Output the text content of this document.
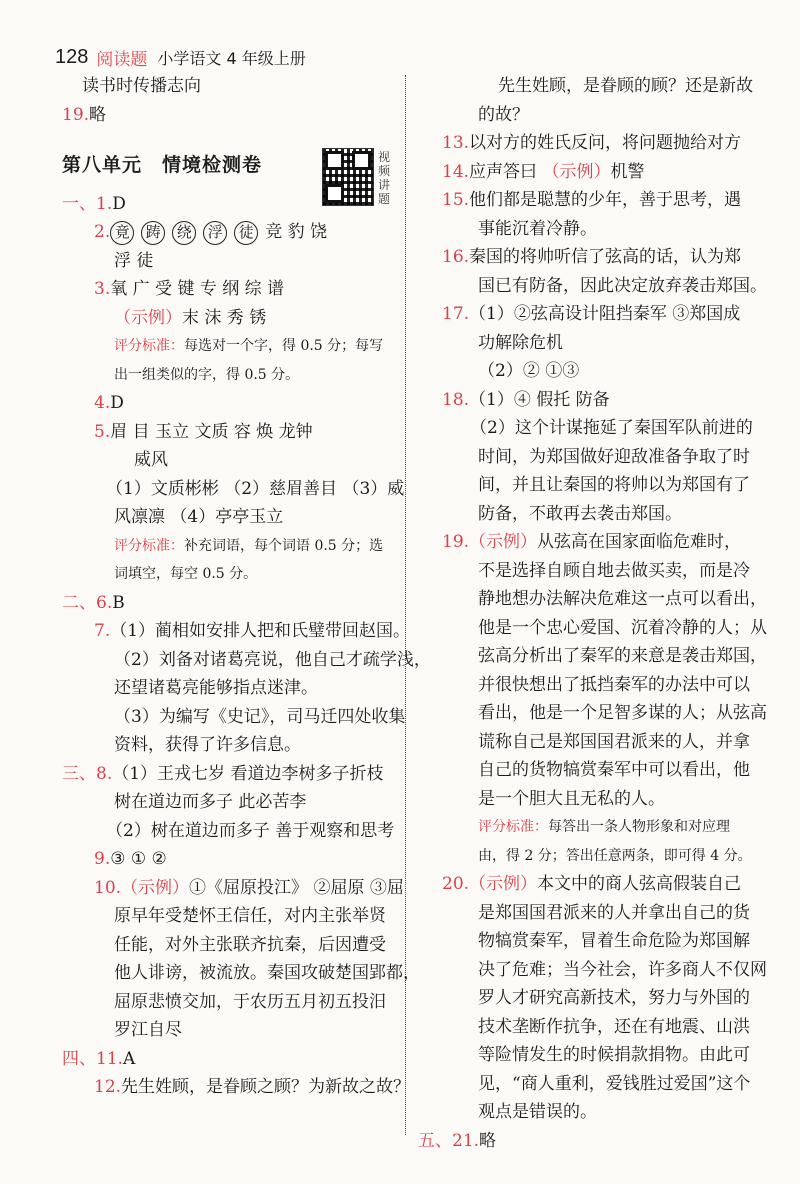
128 阅读题 小学语文 4 年级上册
视频讲题
读书时传播志向
19.略
第八单元　情境检测卷
一、1.D
2. 竟 踌 绕 浮 徒 竞 豹 饶
浮 徒
3.氧 广 受 键 专 纲 综 谱
（示例）末 沫 秀 锈
评分标准：每选对一个字，得 0.5 分；每写
出一组类似的字，得 0.5 分。
4.D
5.眉 目 玉立 文质 容 焕 龙钟
威风
（1）文质彬彬 （2）慈眉善目 （3）威
风凛凛 （4）亭亭玉立
评分标准：补充词语，每个词语 0.5 分；选
词填空，每空 0.5 分。
二、6.B
7.（1）蔺相如安排人把和氏璧带回赵国。
（2）刘备对诸葛亮说，他自己才疏学浅，
还望诸葛亮能够指点迷津。
（3）为编写《史记》，司马迁四处收集
资料，获得了许多信息。
三、8.（1）王戎七岁 看道边李树多子折枝
树在道边而多子 此必苦李
（2）树在道边而多子 善于观察和思考
9.③ ① ②
10.（示例）①《屈原投江》 ②屈原 ③屈
原早年受楚怀王信任，对内主张举贤
任能，对外主张联齐抗秦，后因遭受
他人诽谤，被流放。秦国攻破楚国郢都，
屈原悲愤交加，于农历五月初五投汨
罗江自尽
四、11.A
12.先生姓顾，是眷顾之顾？为新故之故？
先生姓顾，是眷顾的顾？还是新故
的故？
13.以对方的姓氏反问，将问题抛给对方
14.应声答曰 （示例）机警
15.他们都是聪慧的少年，善于思考，遇
事能沉着冷静。
16.秦国的将帅听信了弦高的话，认为郑
国已有防备，因此决定放弃袭击郑国。
17.（1）②弦高设计阻挡秦军 ③郑国成
功解除危机
（2）② ①③
18.（1）④ 假托 防备
（2）这个计谋拖延了秦国军队前进的
时间，为郑国做好迎敌准备争取了时
间，并且让秦国的将帅以为郑国有了
防备，不敢再去袭击郑国。
19.（示例）从弦高在国家面临危难时，
不是选择自顾自地去做买卖，而是冷
静地想办法解决危难这一点可以看出，
他是一个忠心爱国、沉着冷静的人；从
弦高分析出了秦军的来意是袭击郑国，
并很快想出了抵挡秦军的办法中可以
看出，他是一个足智多谋的人；从弦高
谎称自己是郑国国君派来的人，并拿
自己的货物犒赏秦军中可以看出，他
是一个胆大且无私的人。
评分标准：每答出一条人物形象和对应理
由，得 2 分；答出任意两条，即可得 4 分。
20.（示例）本文中的商人弦高假装自己
是郑国国君派来的人并拿出自己的货
物犒赏秦军，冒着生命危险为郑国解
决了危难；当今社会，许多商人不仅网
罗人才研究高新技术，努力与外国的
技术垄断作抗争，还在有地震、山洪
等险情发生的时候捐款捐物。由此可
见，“商人重利，爱钱胜过爱国”这个
观点是错误的。
五、21.略
